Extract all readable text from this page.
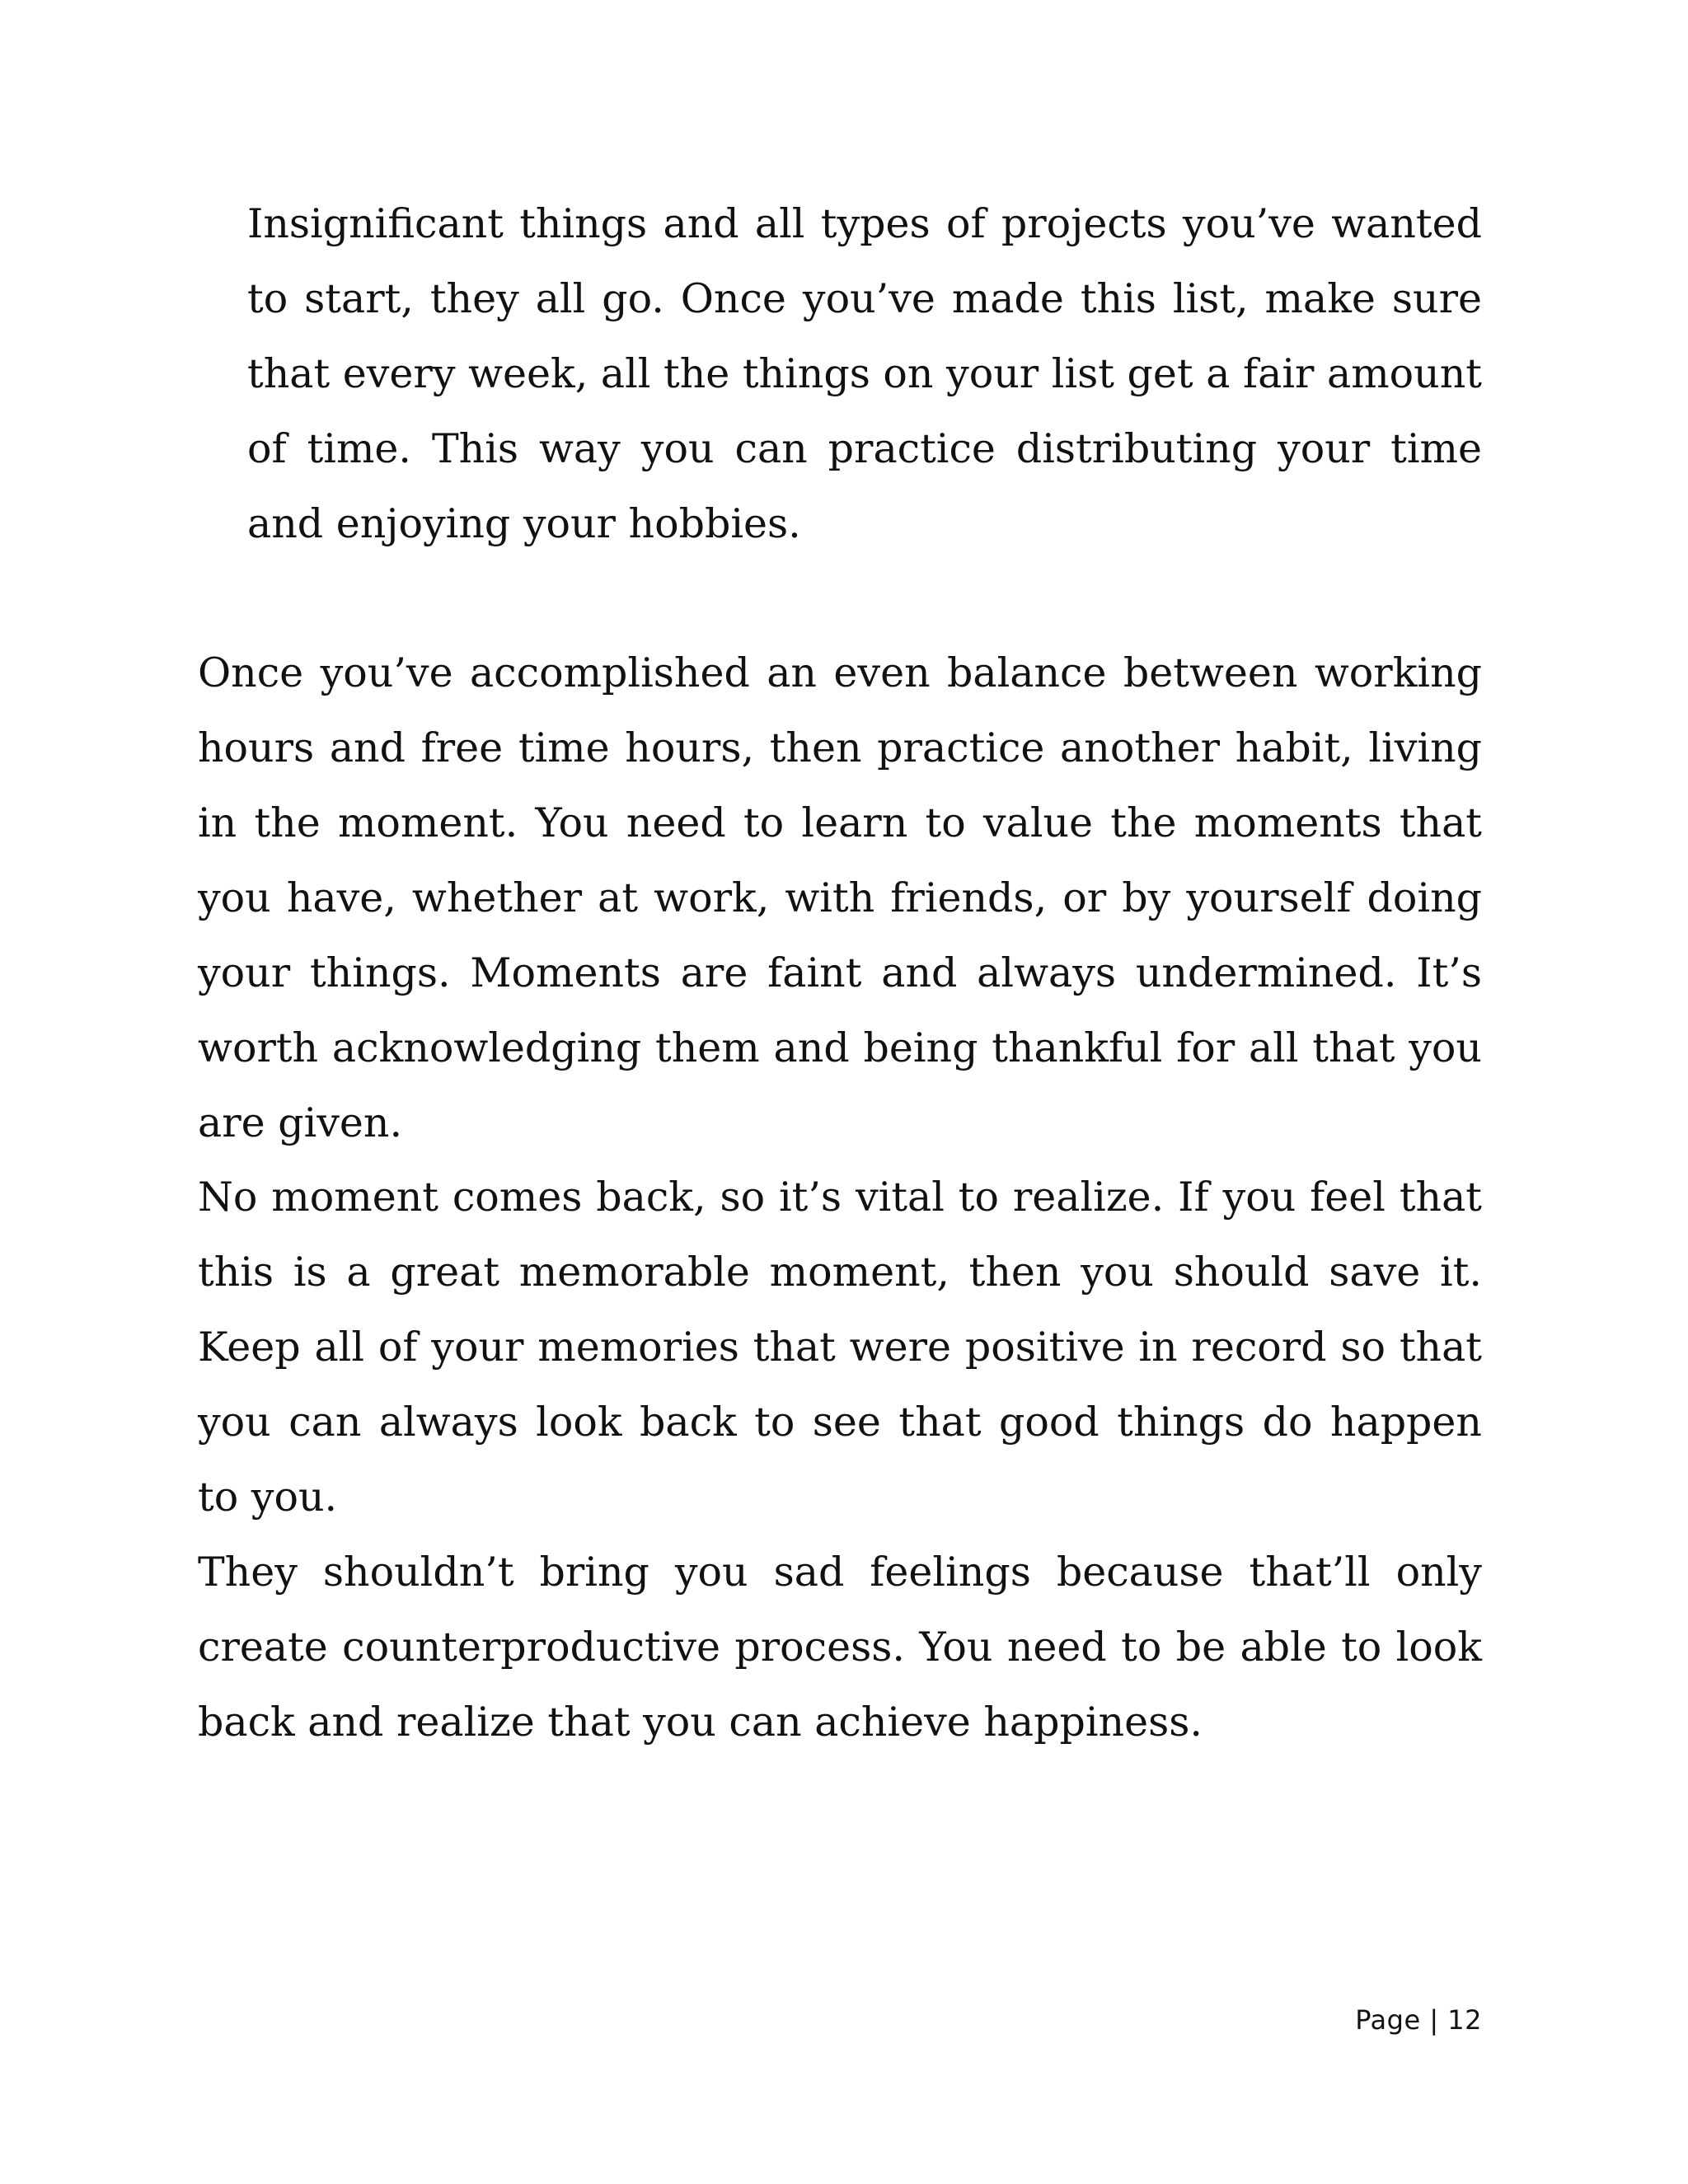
Insignificant things and all types of projects you’ve wanted to start, they all go. Once you’ve made this list, make sure that every week, all the things on your list get a fair amount of time. This way you can practice distributing your time and enjoying your hobbies.

Once you’ve accomplished an even balance between working hours and free time hours, then practice another habit, living in the moment. You need to learn to value the moments that you have, whether at work, with friends, or by yourself doing your things. Moments are faint and always undermined. It’s worth acknowledging them and being thankful for all that you are given.

No moment comes back, so it’s vital to realize. If you feel that this is a great memorable moment, then you should save it. Keep all of your memories that were positive in record so that you can always look back to see that good things do happen to you.

They shouldn’t bring you sad feelings because that’ll only create counterproductive process. You need to be able to look back and realize that you can achieve happiness.

Page | 12
